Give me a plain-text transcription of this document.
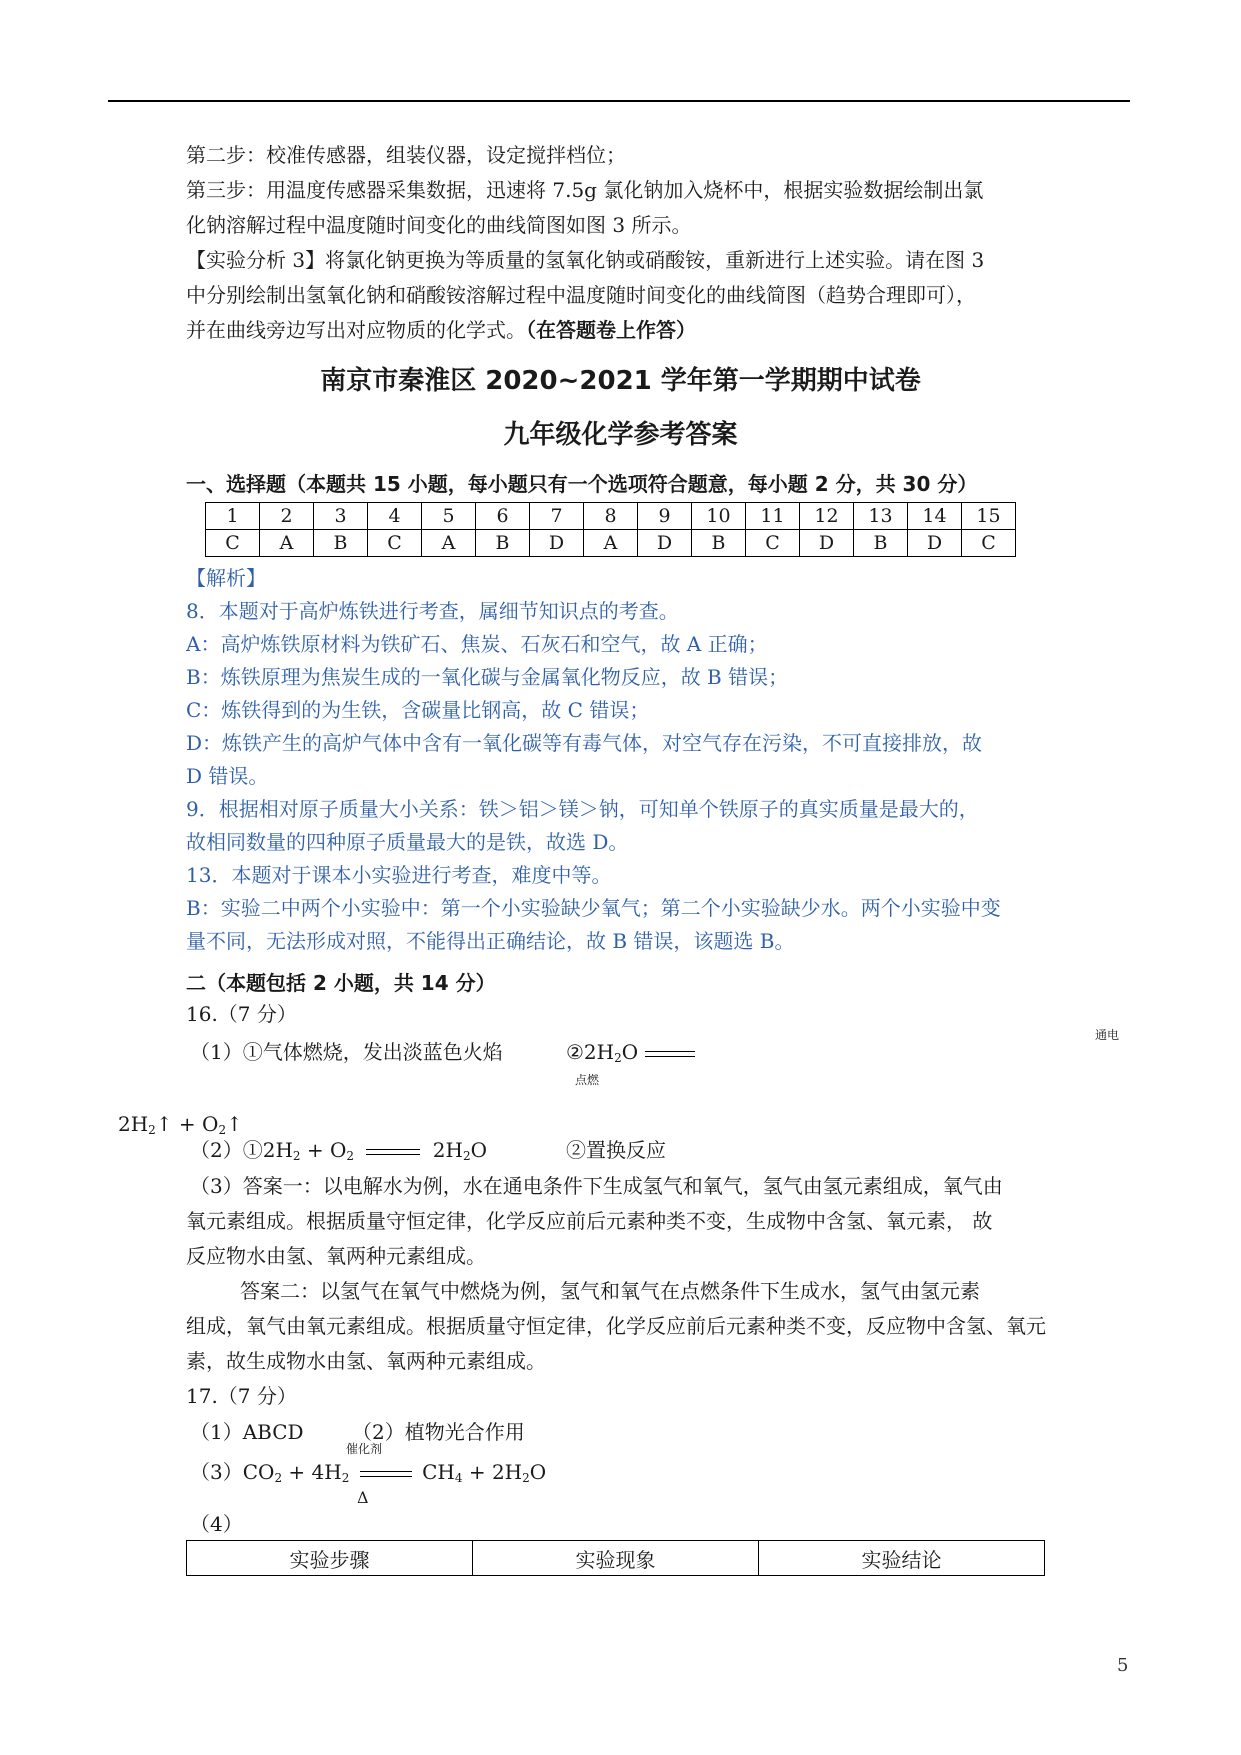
第二步：校准传感器，组装仪器，设定搅拌档位；
第三步：用温度传感器采集数据，迅速将 7.5g 氯化钠加入烧杯中，根据实验数据绘制出氯
化钠溶解过程中温度随时间变化的曲线简图如图 3 所示。
【实验分析 3】将氯化钠更换为等质量的氢氧化钠或硝酸铵，重新进行上述实验。请在图 3
中分别绘制出氢氧化钠和硝酸铵溶解过程中温度随时间变化的曲线简图（趋势合理即可），
并在曲线旁边写出对应物质的化学式。（在答题卷上作答）
南京市秦淮区 2020~2021 学年第一学期期中试卷
九年级化学参考答案
一、选择题（本题共 15 小题，每小题只有一个选项符合题意，每小题 2 分，共 30 分）
1	2	3	4	5	6	7	8	9	10	11	12	13	14	15
C	A	B	C	A	B	D	A	D	B	C	D	B	D	C
【解析】
8．本题对于高炉炼铁进行考查，属细节知识点的考查。
A：高炉炼铁原材料为铁矿石、焦炭、石灰石和空气，故 A 正确；
B：炼铁原理为焦炭生成的一氧化碳与金属氧化物反应，故 B 错误；
C：炼铁得到的为生铁，含碳量比钢高，故 C 错误；
D：炼铁产生的高炉气体中含有一氧化碳等有毒气体，对空气存在污染，不可直接排放，故
D 错误。
9．根据相对原子质量大小关系：铁＞铝＞镁＞钠，可知单个铁原子的真实质量是最大的，
故相同数量的四种原子质量最大的是铁，故选 D。
13．本题对于课本小实验进行考查，难度中等。
B：实验二中两个小实验中：第一个小实验缺少氧气；第二个小实验缺少水。两个小实验中变
量不同，无法形成对照，不能得出正确结论，故 B 错误，该题选 B。
二（本题包括 2 小题，共 14 分）
16.（7 分）
通电
（1）①气体燃烧，发出淡蓝色火焰	$②2H_2O$
点燃
$2H_2↑$ + $O_2↑$
$(2)①2H_2 + O_2$	$2H_2O$	②置换反应
（3）答案一：以电解水为例，水在通电条件下生成氢气和氧气，氢气由氢元素组成，氧气由
氧元素组成。根据质量守恒定律，化学反应前后元素种类不变，生成物中含氢、氧元素， 故
反应物水由氢、氧两种元素组成。
答案二：以氢气在氧气中燃烧为例，氢气和氧气在点燃条件下生成水，氢气由氢元素
组成，氧气由氧元素组成。根据质量守恒定律，化学反应前后元素种类不变，反应物中含氢、氧元
素，故生成物水由氢、氧两种元素组成。
17.（7 分）
（1）ABCD （2）植物光合作用
催化剂
$(3)CO_2 + 4H_2$	$CH_4 + 2H_2O$
Δ
（4）
实验步骤	实验现象	实验结论
5
